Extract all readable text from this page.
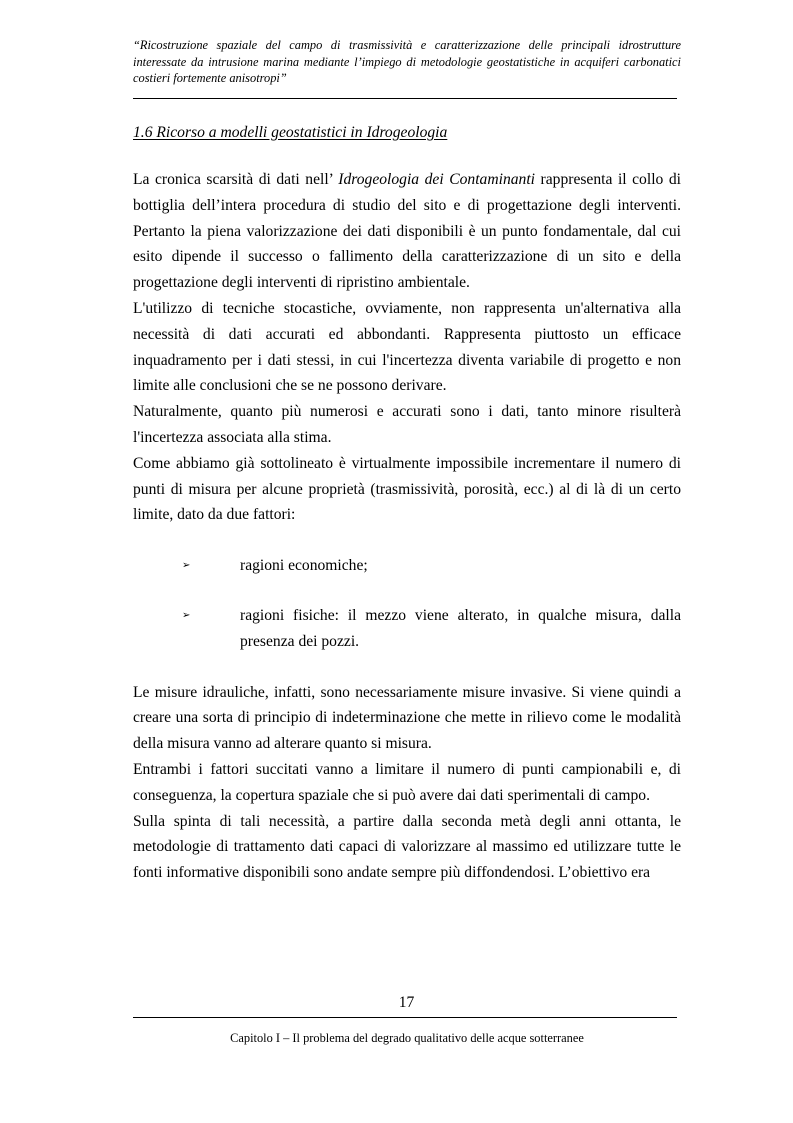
“Ricostruzione spaziale del campo di trasmissività e caratterizzazione delle principali idrostrutture interessate da intrusione marina mediante l’impiego di metodologie geostatistiche in acquiferi carbonatici costieri fortemente anisotropi”
1.6 Ricorso a modelli geostatistici in Idrogeologia

La cronica scarsità di dati nell’ Idrogeologia dei Contaminanti rappresenta il collo di bottiglia dell’intera procedura di studio del sito e di progettazione degli interventi. Pertanto la piena valorizzazione dei dati disponibili è un punto fondamentale, dal cui esito dipende il successo o fallimento della caratterizzazione di un sito e della progettazione degli interventi di ripristino ambientale.

L'utilizzo di tecniche stocastiche, ovviamente, non rappresenta un'alternativa alla necessità di dati accurati ed abbondanti. Rappresenta piuttosto un efficace inquadramento per i dati stessi, in cui l'incertezza diventa variabile di progetto e non limite alle conclusioni che se ne possono derivare.

Naturalmente, quanto più numerosi e accurati sono i dati, tanto minore risulterà l'incertezza associata alla stima.

Come abbiamo già sottolineato è virtualmente impossibile incrementare il numero di punti di misura per alcune proprietà (trasmissività, porosità, ecc.) al di là di un certo limite, dato da due fattori:

➢	ragioni economiche;
➢	ragioni fisiche: il mezzo viene alterato, in qualche misura, dalla presenza dei pozzi.

Le misure idrauliche, infatti, sono necessariamente misure invasive. Si viene quindi a creare una sorta di principio di indeterminazione che mette in rilievo come le modalità della misura vanno ad alterare quanto si misura.

Entrambi i fattori succitati vanno a limitare il numero di punti campionabili e, di conseguenza, la copertura spaziale che si può avere dai dati sperimentali di campo.

Sulla spinta di tali necessità, a partire dalla seconda metà degli anni ottanta, le metodologie di trattamento dati capaci di valorizzare al massimo ed utilizzare tutte le fonti informative disponibili sono andate sempre più diffondendosi. L’obiettivo era

17
Capitolo I – Il problema del degrado qualitativo delle acque sotterranee
